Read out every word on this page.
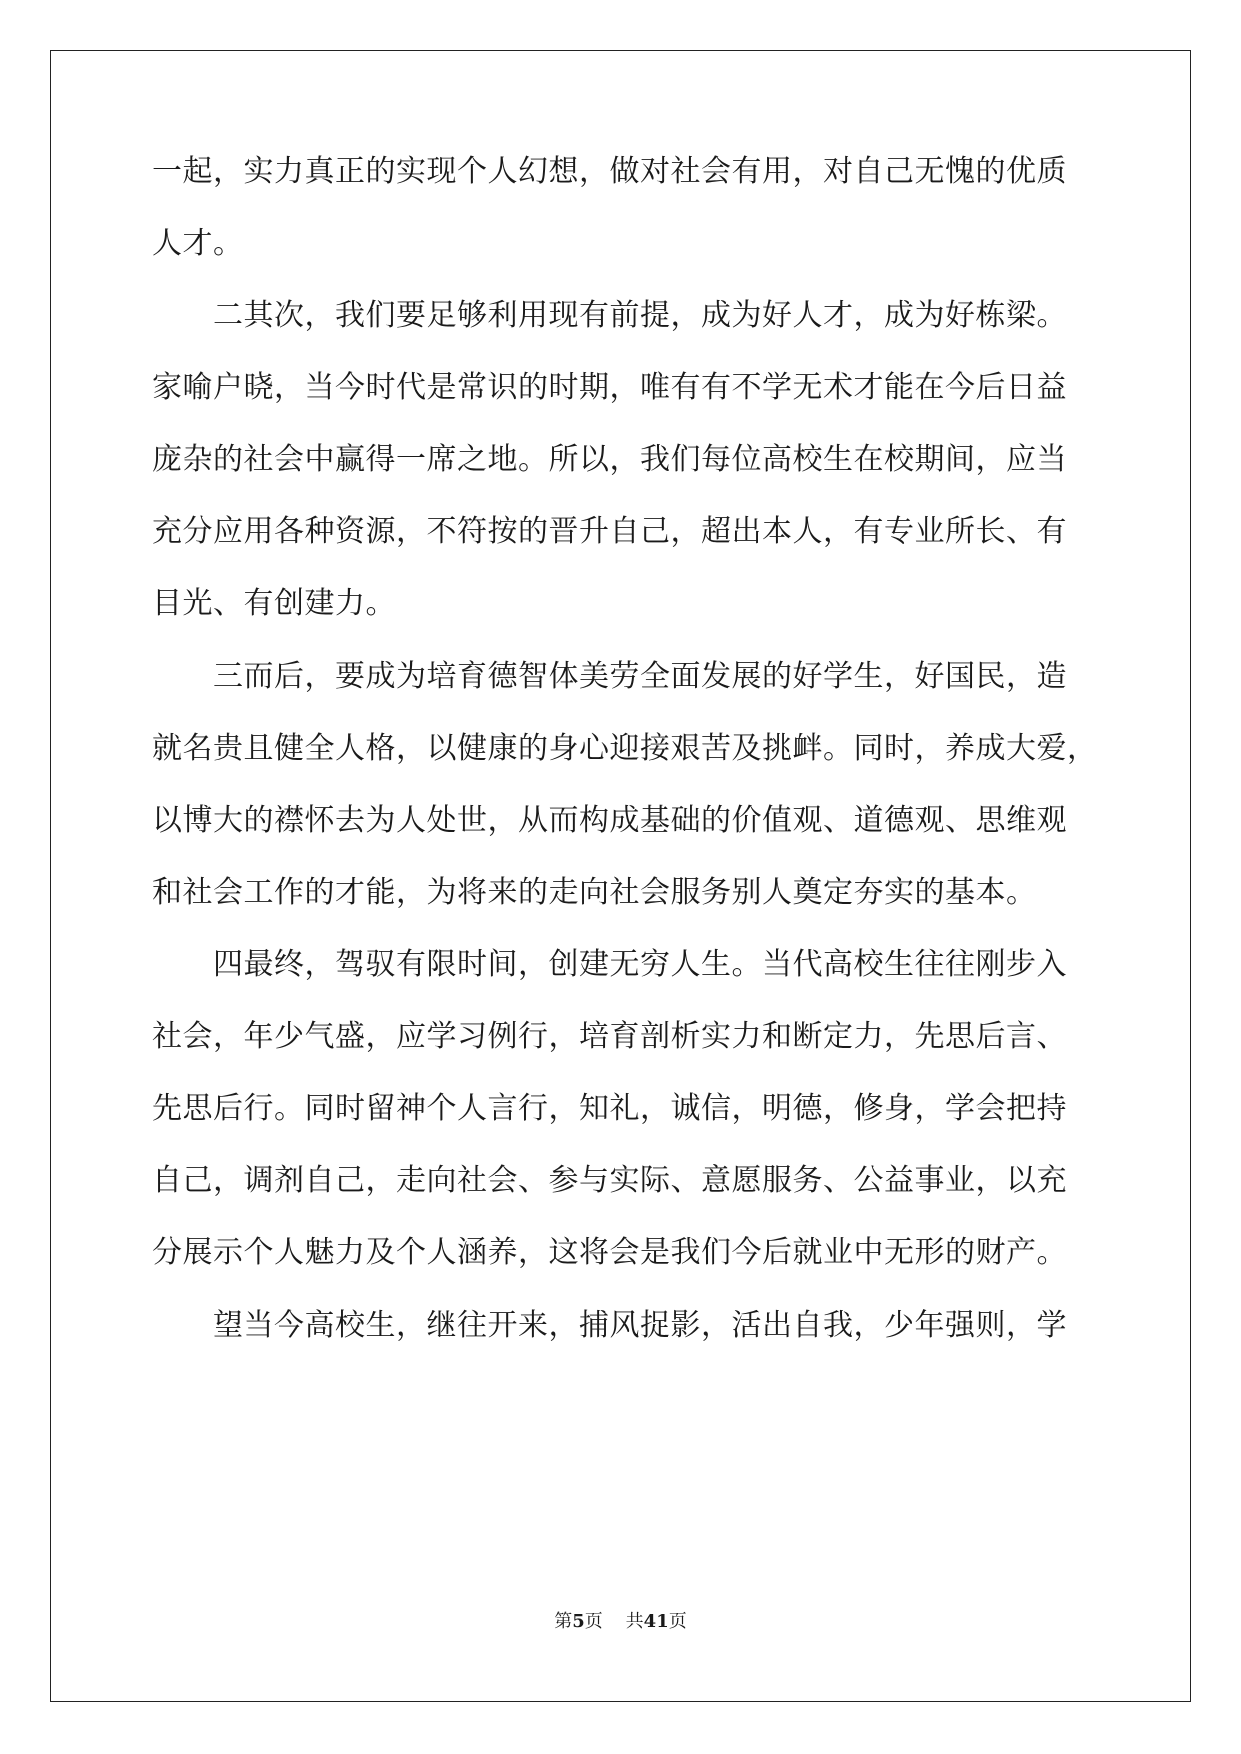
一起，实力真正的实现个人幻想，做对社会有用，对自己无愧的优质
人才。
　　二其次，我们要足够利用现有前提，成为好人才，成为好栋梁。
家喻户晓，当今时代是常识的时期，唯有有不学无术才能在今后日益
庞杂的社会中赢得一席之地。所以，我们每位高校生在校期间，应当
充分应用各种资源，不符按的晋升自己，超出本人，有专业所长、有
目光、有创建力。
　　三而后，要成为培育德智体美劳全面发展的好学生，好国民，造
就名贵且健全人格，以健康的身心迎接艰苦及挑衅。同时，养成大爱，
以博大的襟怀去为人处世，从而构成基础的价值观、道德观、思维观
和社会工作的才能，为将来的走向社会服务别人奠定夯实的基本。
　　四最终，驾驭有限时间，创建无穷人生。当代高校生往往刚步入
社会，年少气盛，应学习例行，培育剖析实力和断定力，先思后言、
先思后行。同时留神个人言行，知礼，诚信，明德，修身，学会把持
自己，调剂自己，走向社会、参与实际、意愿服务、公益事业，以充
分展示个人魅力及个人涵养，这将会是我们今后就业中无形的财产。
　　望当今高校生，继往开来，捕风捉影，活出自我，少年强则，学
第5页 共41页
